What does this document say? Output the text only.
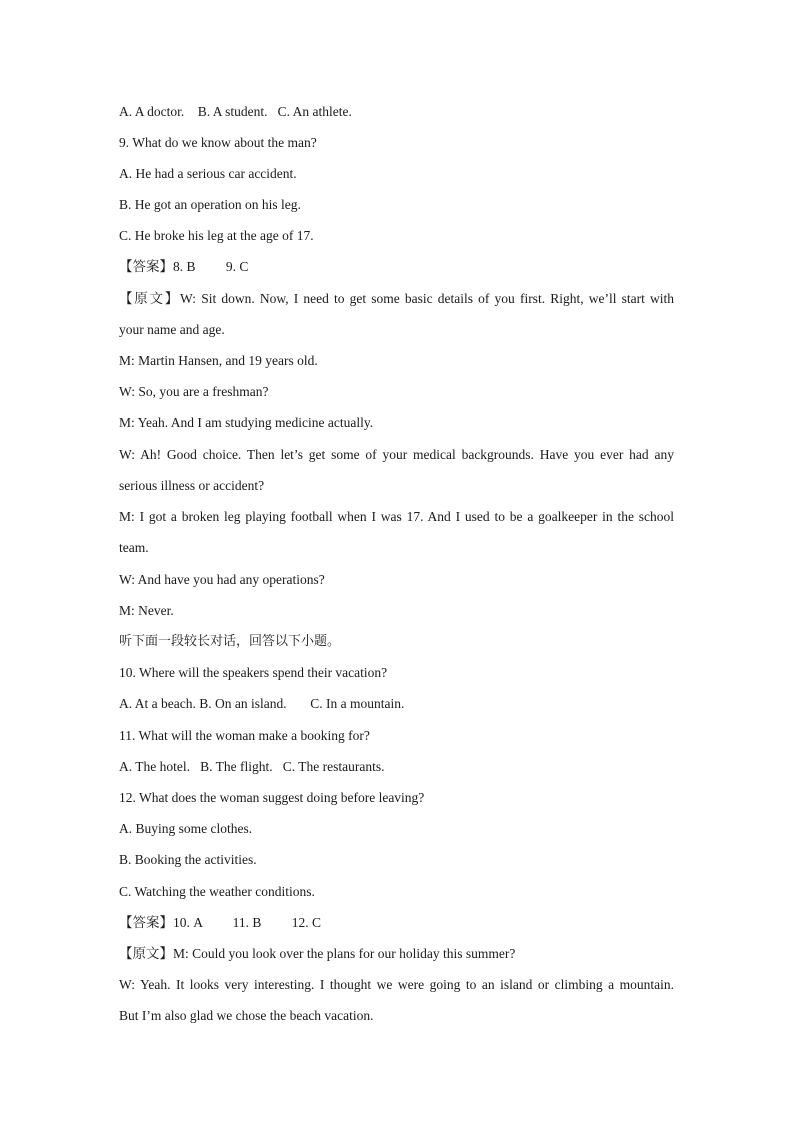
A. A doctor.    B. A student.   C. An athlete.
9. What do we know about the man?
A. He had a serious car accident.
B. He got an operation on his leg.
C. He broke his leg at the age of 17.
【答案】8. B         9. C
【原文】W: Sit down. Now, I need to get some basic details of you first. Right, we’ll start with
your name and age.
M: Martin Hansen, and 19 years old.
W: So, you are a freshman?
M: Yeah. And I am studying medicine actually.
W: Ah! Good choice. Then let’s get some of your medical backgrounds. Have you ever had any
serious illness or accident?
M: I got a broken leg playing football when I was 17. And I used to be a goalkeeper in the school
team.
W: And have you had any operations?
M: Never.
听下面一段较长对话，回答以下小题。
10. Where will the speakers spend their vacation?
A. At a beach. B. On an island.       C. In a mountain.
11. What will the woman make a booking for?
A. The hotel.   B. The flight.   C. The restaurants.
12. What does the woman suggest doing before leaving?
A. Buying some clothes.
B. Booking the activities.
C. Watching the weather conditions.
【答案】10. A         11. B         12. C
【原文】M: Could you look over the plans for our holiday this summer?
W: Yeah. It looks very interesting. I thought we were going to an island or climbing a mountain.
But I’m also glad we chose the beach vacation.
